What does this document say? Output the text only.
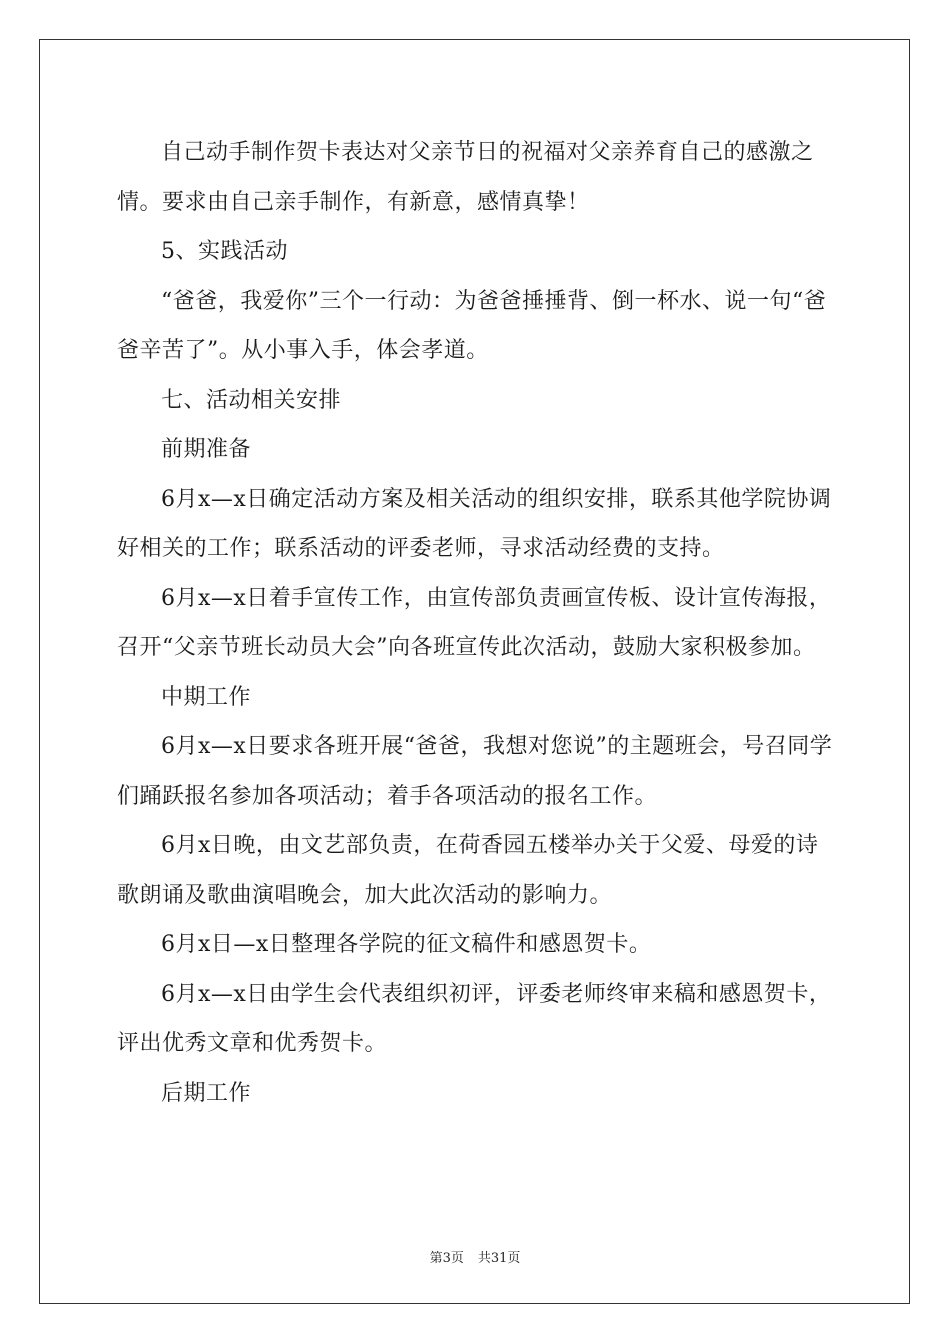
自己动手制作贺卡表达对父亲节日的祝福对父亲养育自己的感激之情。要求由自己亲手制作，有新意，感情真挚！

5、实践活动

“爸爸，我爱你”三个一行动：为爸爸捶捶背、倒一杯水、说一句“爸爸辛苦了”。从小事入手，体会孝道。

七、活动相关安排

前期准备

6月x—x日确定活动方案及相关活动的组织安排，联系其他学院协调好相关的工作；联系活动的评委老师，寻求活动经费的支持。

6月x—x日着手宣传工作，由宣传部负责画宣传板、设计宣传海报，召开“父亲节班长动员大会”向各班宣传此次活动，鼓励大家积极参加。

中期工作

6月x—x日要求各班开展“爸爸，我想对您说”的主题班会，号召同学们踊跃报名参加各项活动；着手各项活动的报名工作。

6月x日晚，由文艺部负责，在荷香园五楼举办关于父爱、母爱的诗歌朗诵及歌曲演唱晚会，加大此次活动的影响力。

6月x日—x日整理各学院的征文稿件和感恩贺卡。

6月x—x日由学生会代表组织初评，评委老师终审来稿和感恩贺卡，评出优秀文章和优秀贺卡。

后期工作

第3页 共31页
